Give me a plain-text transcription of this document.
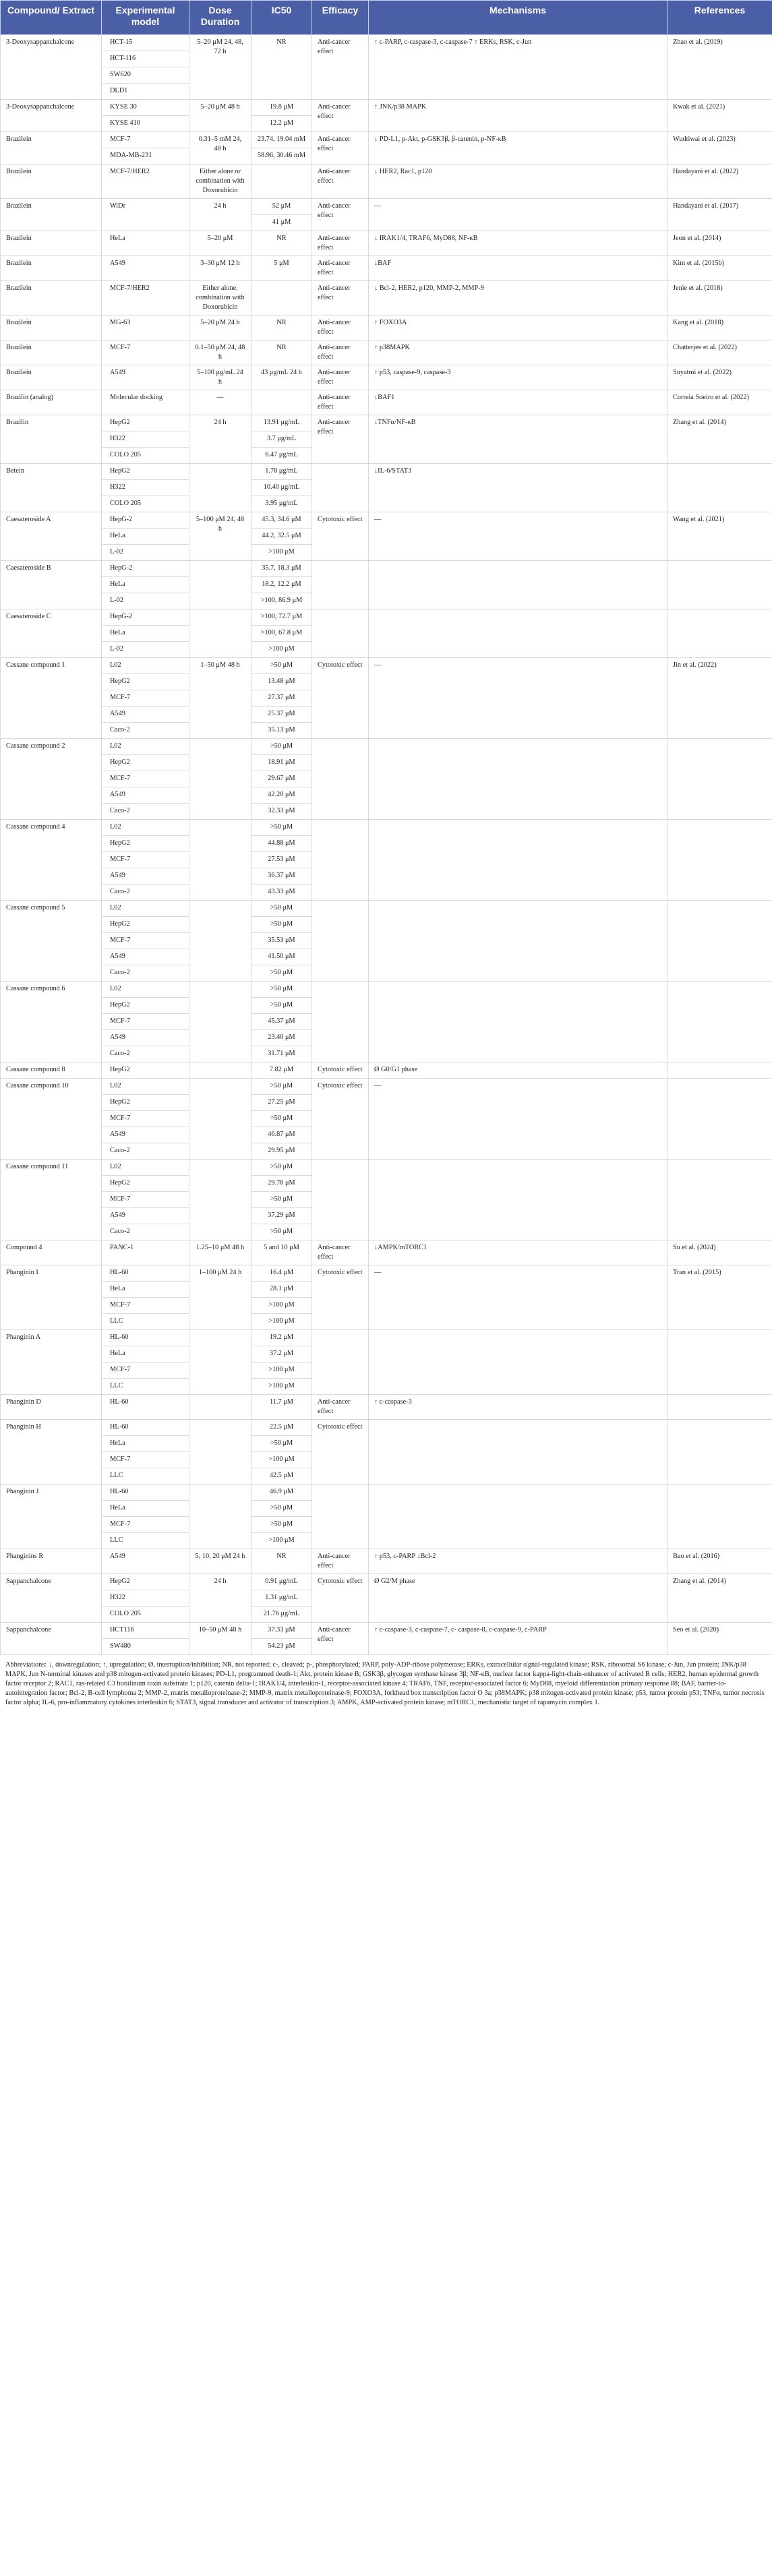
Compound/ Extract	Experimental model	Dose Duration	IC50	Efficacy	Mechanisms	References
3-Deoxysappanchalcone	HCT-15	5–20 μM 24, 48, 72 h	NR	Anti-cancer effect	↑ c-PARP, c-caspase-3, c-caspase-7 ↑ ERKs, RSK, c-Jun	Zhao et al. (2019)
	HCT-116					
	SW620					
	DLD1					
3-Deoxysappanchalcone	KYSE 30	5–20 μM 48 h	19.8 μM	Anti-cancer effect	↑ JNK/p38 MAPK	Kwak et al. (2021)
	KYSE 410		12.2 μM			
Brazilein	MCF-7	0.31–5 mM 24, 48 h	23.74, 19.04 mM	Anti-cancer effect	↓ PD-L1, p-Akt, p-GSK3β, β-catenin, p-NF-κB	Wudtiwai et al. (2023)
	MDA-MB-231		58.96, 30.46 mM			
Brazilein	MCF-7/HER2	Either alone or combination with Doxorubicin		Anti-cancer effect	↓ HER2, Rac1, p120	Handayani et al. (2022)
Brazilein	WiDr	24 h	52 μM	Anti-cancer effect	—	Handayani et al. (2017)
			41 μM			
Brazilein	HeLa	5–20 μM	NR	Anti-cancer effect	↓ IRAK1/4, TRAF6, MyD88, NF-κB	Jeon et al. (2014)
Brazilein	A549	3–30 μM 12 h	5 μM	Anti-cancer effect	↓BAF	Kim et al. (2015b)
Brazilein	MCF-7/HER2	Either alone, combination with Doxorubicin		Anti-cancer effect	↓ Bcl-2, HER2, p120, MMP-2, MMP-9	Jenie et al. (2018)
Brazilein	MG-63	5–20 μM 24 h	NR	Anti-cancer effect	↑ FOXO3A	Kang et al. (2018)
Brazilein	MCF-7	0.1–50 μM 24, 48 h	NR	Anti-cancer effect	↑ p38MAPK	Chatterjee et al. (2022)
Brazilein	A549	5–100 μg/mL 24 h	43 μg/mL 24 h	Anti-cancer effect	↑ p53, caspase-9, caspase-3	Suyatmi et al. (2022)
Brazilin (analog)	Molecular docking	—		Anti-cancer effect	↓BAF1	Correia Soeiro et al. (2022)
Brazilin	HepG2	24 h	13.91 μg/mL	Anti-cancer effect	↓TNFα/NF-κB	Zhang et al. (2014)
	H322		3.7 μg/mL			
	COLO 205		6.47 μg/mL			
Betein	HepG2		1.78 μg/mL		↓IL-6/STAT3	
	H322		10.40 μg/mL			
	COLO 205		3.95 μg/mL			
Caesateroside A	HepG-2	5–100 μM 24, 48 h	45.3, 34.6 μM	Cytotoxic effect	—	Wang et al. (2021)
	HeLa		44.2, 32.5 μM			
	L-02		>100 μM			
Caesateroside B	HepG-2		35.7, 18.3 μM			
	HeLa		18.2, 12.2 μM			
	L-02		>100, 86.9 μM			
Caesateroside C	HepG-2		>100, 72.7 μM			
	HeLa		>100, 67.8 μM			
	L-02		>100 μM			
Cassane compound 1	L02	1–50 μM 48 h	>50 μM	Cytotoxic effect	—	Jin et al. (2022)
	HepG2		13.48 μM			
	MCF-7		27.37 μM			
	A549		25.37 μM			
	Caco-2		35.13 μM			
Cassane compound 2	L02		>50 μM			
	HepG2		18.91 μM			
	MCF-7		29.67 μM			
	A549		42.20 μM			
	Caco-2		32.33 μM			
Cassane compound 4	L02		>50 μM			
	HepG2		44.88 μM			
	MCF-7		27.53 μM			
	A549		36.37 μM			
	Caco-2		43.33 μM			
Cassane compound 5	L02		>50 μM			
	HepG2		>50 μM			
	MCF-7		35.53 μM			
	A549		41.50 μM			
	Caco-2		>50 μM			
Cassane compound 6	L02		>50 μM			
	HepG2		>50 μM			
	MCF-7		45.37 μM			
	A549		23.40 μM			
	Caco-2		31.71 μM			
Cassane compound 8	HepG2		7.82 μM	Cytotoxic effect	Ø G0/G1 phase	
Cassane compound 10	L02		>50 μM	Cytotoxic effect	—	
	HepG2		27.25 μM			
	MCF-7		>50 μM			
	A549		46.87 μM			
	Caco-2		29.95 μM			
Cassane compound 11	L02		>50 μM			
	HepG2		29.78 μM			
	MCF-7		>50 μM			
	A549		37.29 μM			
	Caco-2		>50 μM			
Compound 4	PANC-1	1.25–10 μM 48 h	5 and 10 μM	Anti-cancer effect	↓AMPK/mTORC1	Su et al. (2024)
Phanginin I	HL-60	1–100 μM 24 h	16.4 μM	Cytotoxic effect	—	Tran et al. (2015)
	HeLa		28.1 μM			
	MCF-7		>100 μM			
	LLC		>100 μM			
Phanginin A	HL-60		19.2 μM			
	HeLa		37.2 μM			
	MCF-7		>100 μM			
	LLC		>100 μM			
Phanginin D	HL-60		11.7 μM	Anti-cancer effect	↑ c-caspase-3	
Phanginin H	HL-60		22.5 μM	Cytotoxic effect		
	HeLa		>50 μM			
	MCF-7		>100 μM			
	LLC		42.5 μM			
Phanginin J	HL-60		46.9 μM			
	HeLa		>50 μM			
	MCF-7		>50 μM			
	LLC		>100 μM			
Phanginins R	A549	5, 10, 20 μM 24 h	NR	Anti-cancer effect	↑ p53, c-PARP ↓Bcl-2	Bao et al. (2016)
Sappanchalcone	HepG2	24 h	0.91 μg/mL	Cytotoxic effect	Ø G2/M phase	Zhang et al. (2014)
	H322		1.31 μg/mL			
	COLO 205		21.76 μg/mL			
Sappanchalcone	HCT116	10–50 μM 48 h	37.33 μM	Anti-cancer effect	↑ c-caspase-3, c-caspase-7, c- caspase-8, c-caspase-9, c-PARP	Seo et al. (2020)
	SW480		54.23 μM			
Abbreviations: ↓, downregulation; ↑, upregulation; Ø, interruption/inhibition; NR, not reported; c-, cleaved; p-, phosphorylated; PARP, poly-ADP-ribose polymerase; ERKs, extracellular signal-regulated kinase; RSK, ribosomal S6 kinase; c-Jun, Jun protein; JNK/p38 MAPK, Jun N-terminal kinases and p38 mitogen-activated protein kinases; PD-L1, programmed death-1; Akt, protein kinase B; GSK3β, glycogen synthase kinase 3β; NF-κB, nuclear factor kappa-light-chain-enhancer of activated B cells; HER2, human epidermal growth factor receptor 2; RAC1, ras-related C3 botulinum toxin substrate 1; p120, catenin delta-1; IRAK1/4, interleukin-1, receptor-associated kinase 4; TRAF6, TNF, receptor-associated factor 6; MyD88, myeloid differentiation primary response 88; BAF, barrier-to-autointegration factor; Bcl-2, B-cell lymphoma 2; MMP-2, matrix metalloproteinase-2; MMP-9, matrix metalloproteinase-9; FOXO3A, forkhead box transcription factor O 3a; p38MAPK; p38 mitogen-activated protein kinase; p53, tumor protein p53; TNFα, tumor necrosis factor alpha; IL-6, pro-inflammatory cytokines interleukin 6; STAT3, signal transducer and activator of transcription 3; AMPK, AMP-activated protein kinase; mTORC1, mechanistic target of rapamycin complex 1.
